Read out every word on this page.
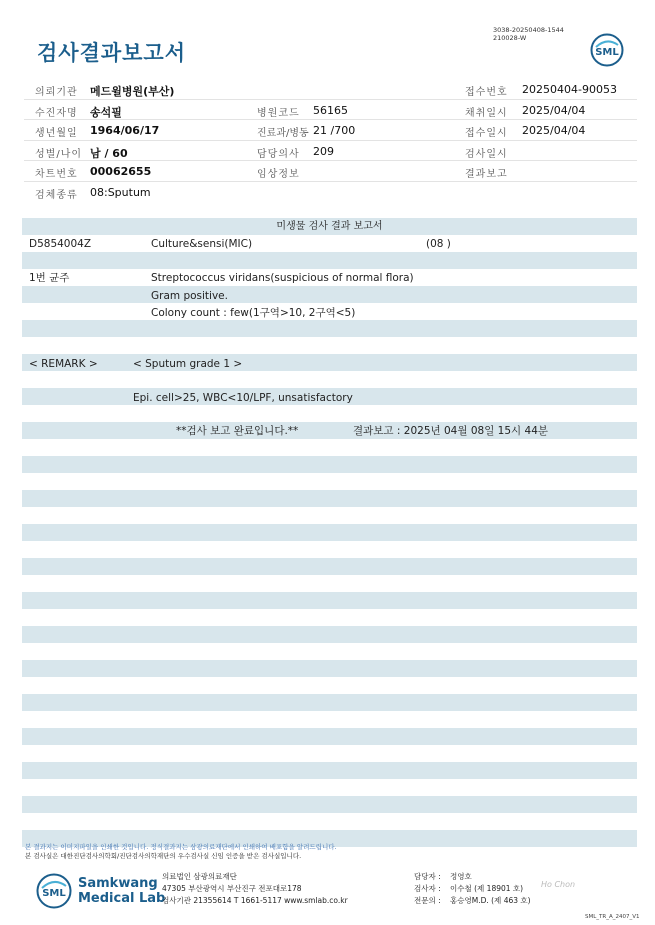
검사결과보고서
3038-20250408-1544
210028-W
SML
의뢰기관 메드윌병원(부산)	접수번호 20250404-90053
수진자명 송석필	병원코드 56165	채취일시 2025/04/04
생년월일 1964/06/17	진료과/병동 21 /700	접수일시 2025/04/04
성별/나이 남 / 60	담당의사 209	검사일시
차트번호 00062655	임상정보	결과보고
검체종류 08:Sputum
미생물 검사 결과 보고서
D5854004Z	Culture&sensi(MIC)	(08 )
1번 균주	Streptococcus viridans(suspicious of normal flora)
Gram positive.
Colony count : few(1구역>10, 2구역<5)
< REMARK >	< Sputum grade 1 >
Epi. cell>25, WBC<10/LPF, unsatisfactory
**검사 보고 완료입니다.**	결과보고 : 2025년 04월 08일 15시 44분
본 결과지는 이미지파일을 인쇄한 것입니다. 정식결과지는 삼광의료재단에서 인쇄하여 배포함을 알려드립니다.
본 검사실은 대한진단검사의학회/진단검사의학재단의 우수검사실 신임 인증을 받은 검사실입니다.
SML
Samkwang
Medical Lab
의료법인 삼광의료재단
47305 부산광역시 부산진구 전포대로178
검사기관 21355614 T 1661-5117 www.smlab.co.kr
담당자 : 정영호
검사자 : 이수철 (제 18901 호)
전문의 : 홍승영M.D. (제 463 호)
Ho Chon
SML_TR_A_2407_V1
